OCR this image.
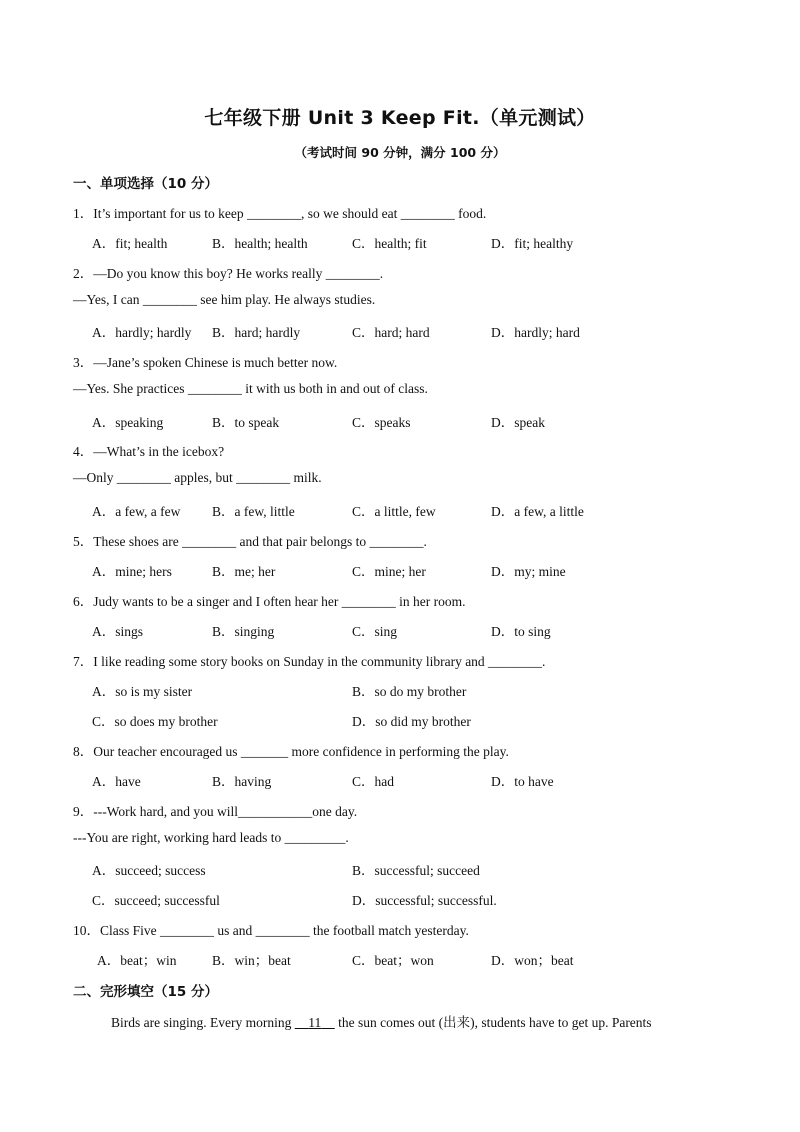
七年级下册 Unit 3 Keep Fit.（单元测试）
（考试时间 90 分钟，满分 100 分）
一、单项选择（10 分）
1．It’s important for us to keep ________, so we should eat ________ food.
A．fit; health	B．health; health	C．health; fit	D．fit; healthy
2．—Do you know this boy? He works really ________.
—Yes, I can ________ see him play. He always studies.
A．hardly; hardly B．hard; hardly	C．hard; hard	D．hardly; hard
3．—Jane’s spoken Chinese is much better now.
—Yes. She practices ________ it with us both in and out of class.
A．speaking	B．to speak	C．speaks	D．speak
4．—What’s in the icebox?
—Only ________ apples, but ________ milk.
A．a few, a few B．a few, little	C．a little, few	D．a few, a little
5．These shoes are ________ and that pair belongs to ________.
A．mine; hers	B．me; her	C．mine; her	D．my; mine
6．Judy wants to be a singer and I often hear her ________ in her room.
A．sings	B．singing	C．sing	D．to sing
7．I like reading some story books on Sunday in the community library and ________.
A．so is my sister	B．so do my brother
C．so does my brother	D．so did my brother
8．Our teacher encouraged us _______ more confidence in performing the play.
A．have	B．having	C．had	D．to have
9．---Work hard, and you will___________one day.
---You are right, working hard leads to _________.
A．succeed; success	B．successful; succeed
C．succeed; successful	D．successful; successful.
10．Class Five ________ us and ________ the football match yesterday.
A．beat；win	B．win；beat	C．beat；won	D．won；beat
二、完形填空（15 分）
Birds are singing. Every morning 11 the sun comes out (出来), students have to get up. Parents
